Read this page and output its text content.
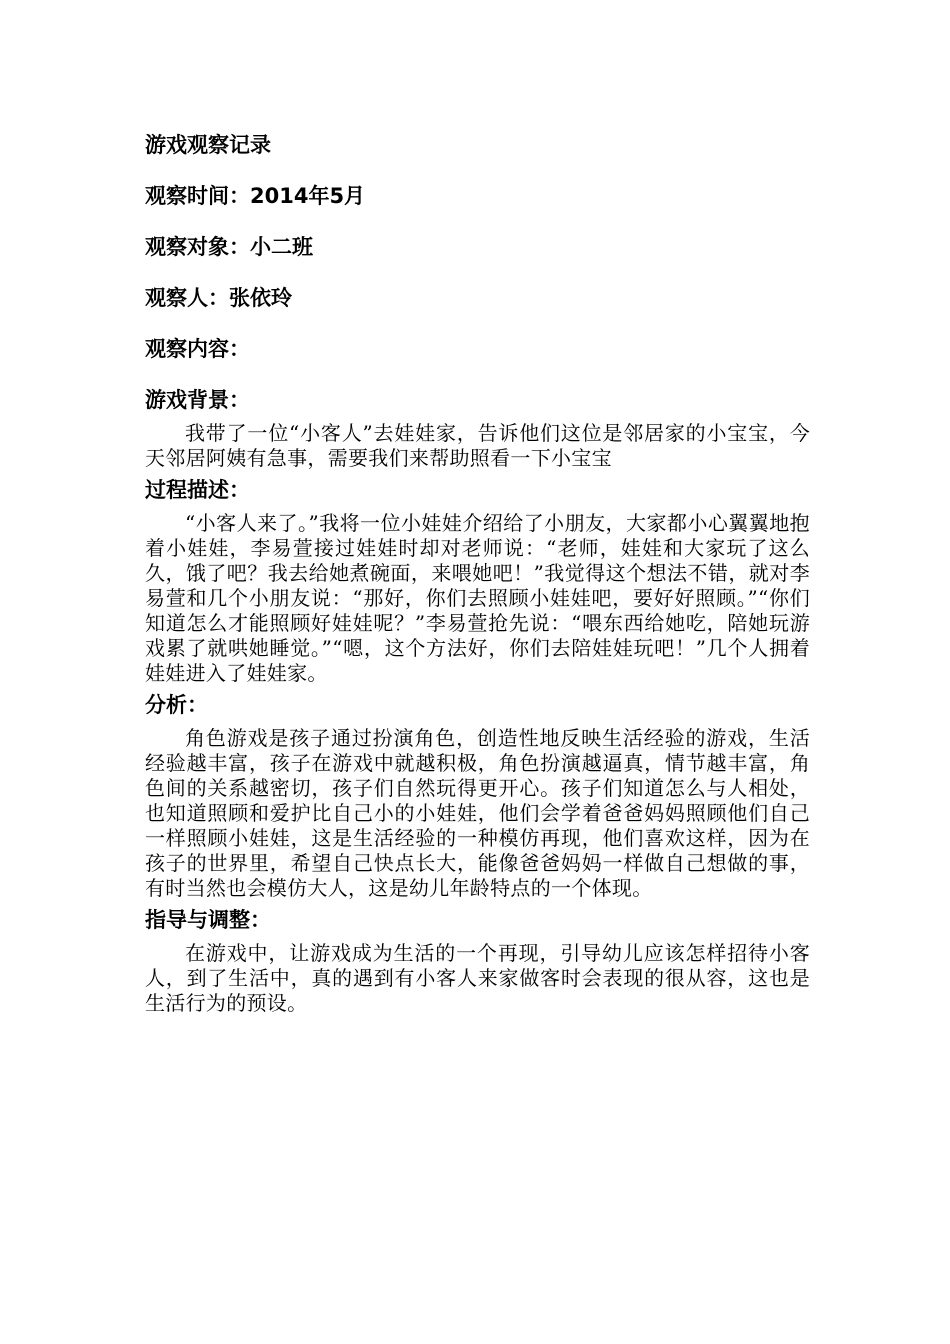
游戏观察记录
观察时间：2014年5月
观察对象：小二班
观察人：张依玲
观察内容：
游戏背景：

我带了一位“小客人”去娃娃家，告诉他们这位是邻居家的小宝宝，今天邻居阿姨有急事，需要我们来帮助照看一下小宝宝

过程描述：

“小客人来了。”我将一位小娃娃介绍给了小朋友，大家都小心翼翼地抱着小娃娃，李易萱接过娃娃时却对老师说：“老师，娃娃和大家玩了这么久，饿了吧？我去给她煮碗面，来喂她吧！”我觉得这个想法不错，就对李易萱和几个小朋友说：“那好，你们去照顾小娃娃吧，要好好照顾。”“你们知道怎么才能照顾好娃娃呢？”李易萱抢先说：“喂东西给她吃，陪她玩游戏累了就哄她睡觉。”“嗯，这个方法好，你们去陪娃娃玩吧！”几个人拥着娃娃进入了娃娃家。

分析：

角色游戏是孩子通过扮演角色，创造性地反映生活经验的游戏，生活经验越丰富，孩子在游戏中就越积极，角色扮演越逼真，情节越丰富，角色间的关系越密切，孩子们自然玩得更开心。孩子们知道怎么与人相处，也知道照顾和爱护比自己小的小娃娃，他们会学着爸爸妈妈照顾他们自己一样照顾小娃娃，这是生活经验的一种模仿再现，他们喜欢这样，因为在孩子的世界里，希望自己快点长大，能像爸爸妈妈一样做自己想做的事，有时当然也会模仿大人，这是幼儿年龄特点的一个体现。

指导与调整：

在游戏中，让游戏成为生活的一个再现，引导幼儿应该怎样招待小客人，到了生活中，真的遇到有小客人来家做客时会表现的很从容，这也是生活行为的预设。
